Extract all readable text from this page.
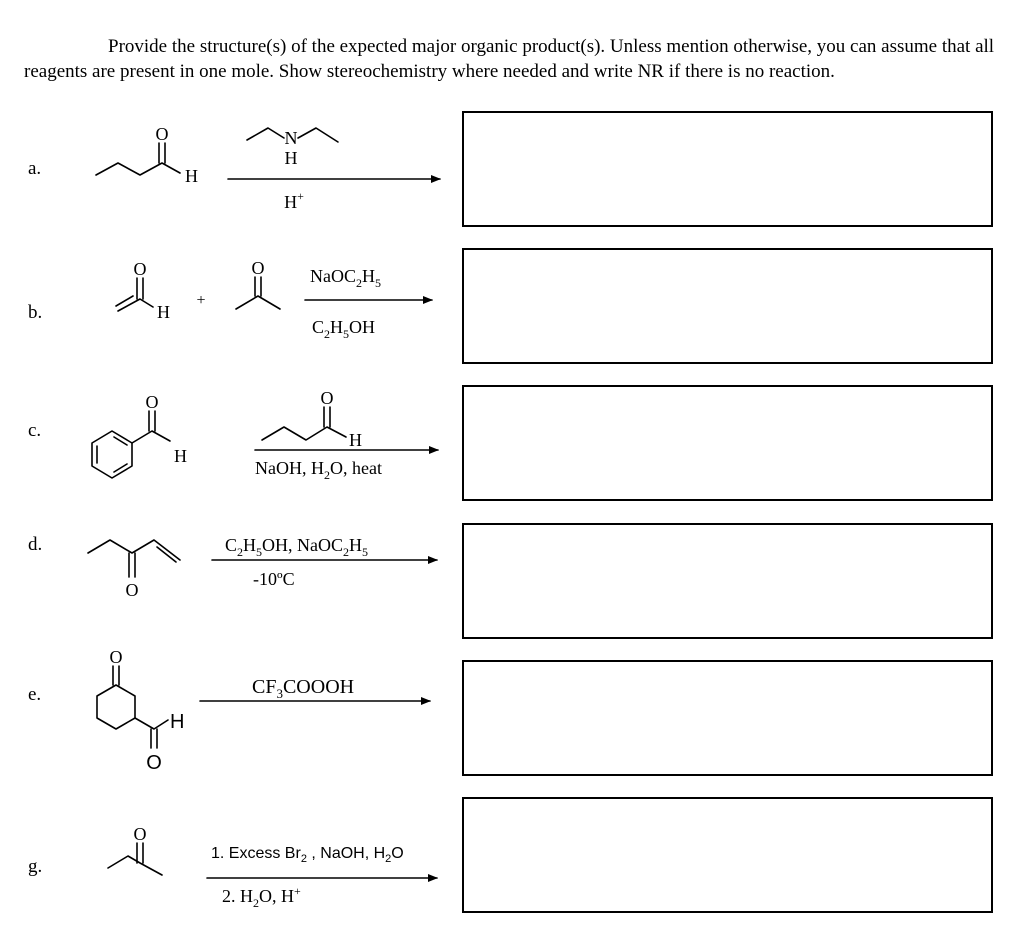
Provide the structure(s) of the expected major organic product(s). Unless mention otherwise, you can assume that all reagents are present in one mole. Show stereochemistry where needed and write NR if there is no reaction.
a.
b.
c.
d.
e.
g.
O
H
N
H
H+
O
H
+
O	$NaOC_2H_5$
$C_2H_5OH$
O
H
O
H
NaOH, $H_2O$, heat
O
$C_2H_5OH$, $NaOC_2H_5$
-10ºC
O
H
O
$CF_3COOOH$
O
1. Excess $Br_2$ , NaOH, $H_2O$
2. $H_2O$, H+
